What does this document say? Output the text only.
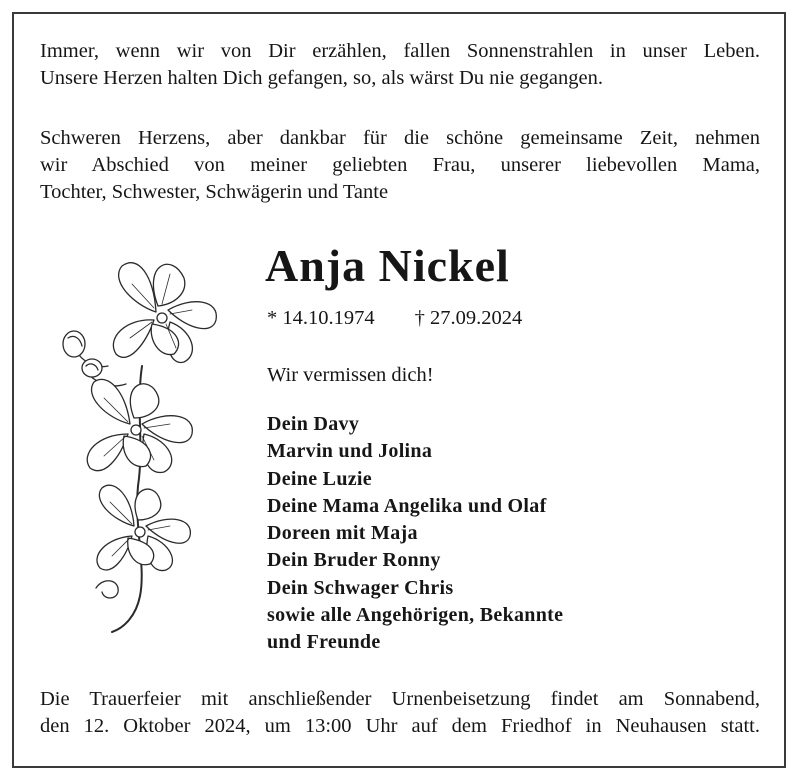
Immer, wenn wir von Dir erzählen, fallen Sonnenstrahlen in unser Leben.
Unsere Herzen halten Dich gefangen, so, als wärst Du nie gegangen.
Schweren Herzens, aber dankbar für die schöne gemeinsame Zeit, nehmen
wir Abschied von meiner geliebten Frau, unserer liebevollen Mama,
Tochter, Schwester, Schwägerin und Tante
Anja Nickel
* 14.10.1974 † 27.09.2024
Wir vermissen dich!
Dein Davy
Marvin und Jolina
Deine Luzie
Deine Mama Angelika und Olaf
Doreen mit Maja
Dein Bruder Ronny
Dein Schwager Chris
sowie alle Angehörigen, Bekannte
und Freunde
Die Trauerfeier mit anschließender Urnenbeisetzung findet am Sonnabend,
den 12. Oktober 2024, um 13:00 Uhr auf dem Friedhof in Neuhausen statt.
